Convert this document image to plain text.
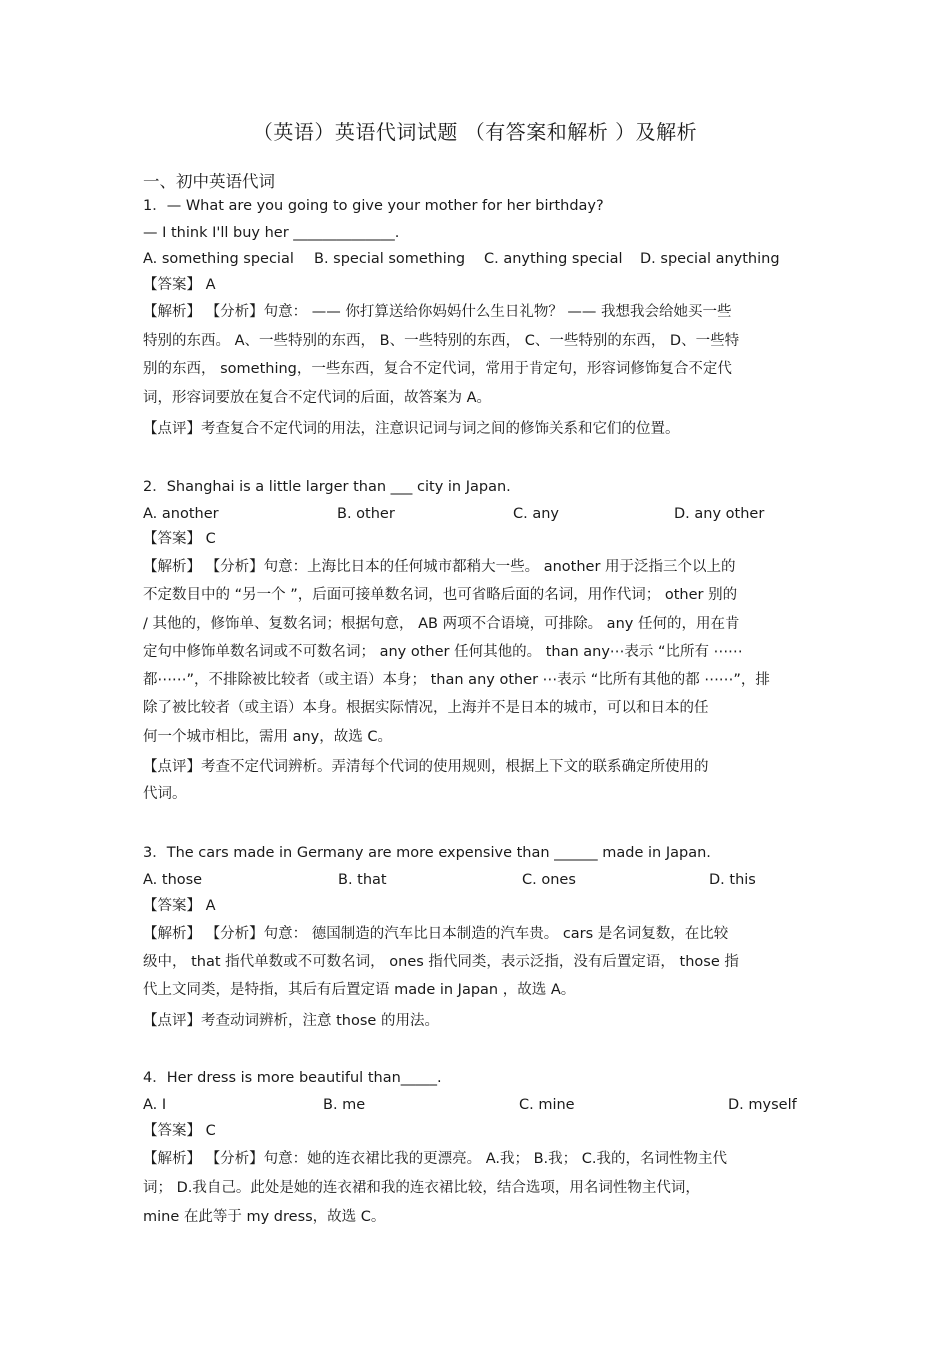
（英语）英语代词试题 （有答案和解析 ）及解析
一、初中英语代词
1．— What are you going to give your mother for her birthday?
— I think I'll buy her ______________.
A. something special B. special something C. anything special D. special anything
【答案】 A
【解析】 【分析】句意： —— 你打算送给你妈妈什么生日礼物？ —— 我想我会给她买一些
特别的东西。 A、一些特别的东西， B、一些特别的东西， C、一些特别的东西， D、一些特
别的东西， something，一些东西，复合不定代词，常用于肯定句，形容词修饰复合不定代
词，形容词要放在复合不定代词的后面，故答案为 A。
【点评】考查复合不定代词的用法，注意识记词与词之间的修饰关系和它们的位置。
2．Shanghai is a little larger than ___ city in Japan.
A. another	B. other	C. any	D. any other
【答案】 C
【解析】 【分析】句意：上海比日本的任何城市都稍大一些。 another 用于泛指三个以上的
不定数目中的 “另一个 ”，后面可接单数名词，也可省略后面的名词，用作代词； other 别的
/ 其他的，修饰单、复数名词；根据句意， AB 两项不合语境，可排除。 any 任何的，用在肯
定句中修饰单数名词或不可数名词； any other 任何其他的。 than any⋯表示 “比所有 ⋯⋯
都⋯⋯”，不排除被比较者（或主语）本身； than any other ⋯表示 “比所有其他的都 ⋯⋯”，排
除了被比较者（或主语）本身。根据实际情况，上海并不是日本的城市，可以和日本的任
何一个城市相比，需用 any，故选 C。
【点评】考查不定代词辨析。弄清每个代词的使用规则，根据上下文的联系确定所使用的
代词。
3．The cars made in Germany are more expensive than ______ made in Japan.
A. those	B. that	C. ones	D. this
【答案】 A
【解析】 【分析】句意： 德国制造的汽车比日本制造的汽车贵。 cars 是名词复数，在比较
级中， that 指代单数或不可数名词， ones 指代同类，表示泛指，没有后置定语， those 指
代上文同类，是特指，其后有后置定语 made in Japan ，故选 A。
【点评】考查动词辨析，注意 those 的用法。
4．Her dress is more beautiful than_____.
A. I	B. me	C. mine	D. myself
【答案】 C
【解析】 【分析】句意：她的连衣裙比我的更漂亮。 A.我； B.我； C.我的，名词性物主代
词； D.我自己。此处是她的连衣裙和我的连衣裙比较，结合选项，用名词性物主代词，
mine 在此等于 my dress，故选 C。
